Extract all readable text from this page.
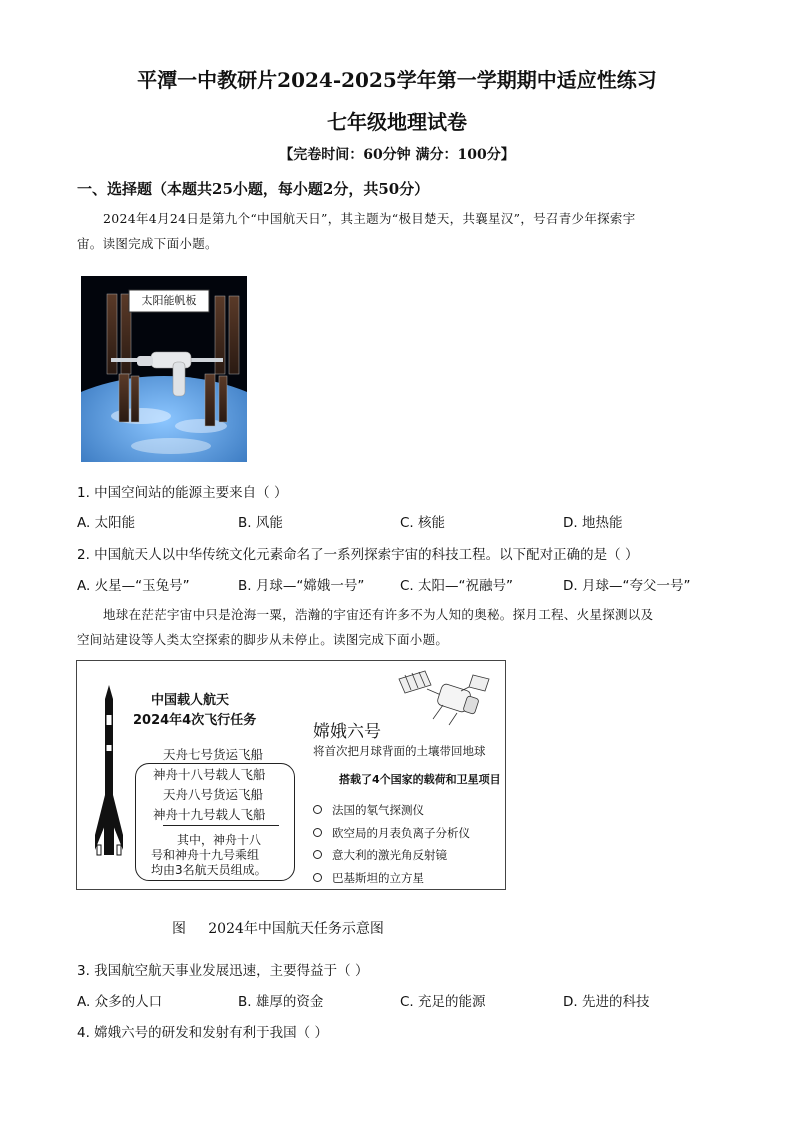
平潭一中教研片2024-2025学年第一学期期中适应性练习
七年级地理试卷
【完卷时间：60分钟 满分：100分】
一、选择题（本题共25小题，每小题2分，共50分）
2024年4月24日是第九个“中国航天日”，其主题为“极目楚天，共襄星汉”，号召青少年探索宇
宙。读图完成下面小题。
太阳能帆板
1. 中国空间站的能源主要来自（ ）
A. 太阳能	B. 风能	C. 核能	D. 地热能
2. 中国航天人以中华传统文化元素命名了一系列探索宇宙的科技工程。以下配对正确的是（ ）
A. 火星—“玉兔号”	B. 月球—“嫦娥一号”	C. 太阳—“祝融号”	D. 月球—“夸父一号”
地球在茫茫宇宙中只是沧海一粟，浩瀚的宇宙还有许多不为人知的奥秘。探月工程、火星探测以及
空间站建设等人类太空探索的脚步从未停止。读图完成下面小题。
中国载人航天
2024年4次飞行任务
天舟七号货运飞船
神舟十八号载人飞船
天舟八号货运飞船
神舟十九号载人飞船
其中，神舟十八
号和神舟十九号乘组
均由3名航天员组成。
嫦娥六号
将首次把月球背面的土壤带回地球
搭载了4个国家的载荷和卫星项目
法国的氡气探测仪
欧空局的月表负离子分析仪
意大利的激光角反射镜
巴基斯坦的立方星
图     2024年中国航天任务示意图
3. 我国航空航天事业发展迅速，主要得益于（ ）
A. 众多的人口	B. 雄厚的资金	C. 充足的能源	D. 先进的科技
4. 嫦娥六号的研发和发射有利于我国（ ）
